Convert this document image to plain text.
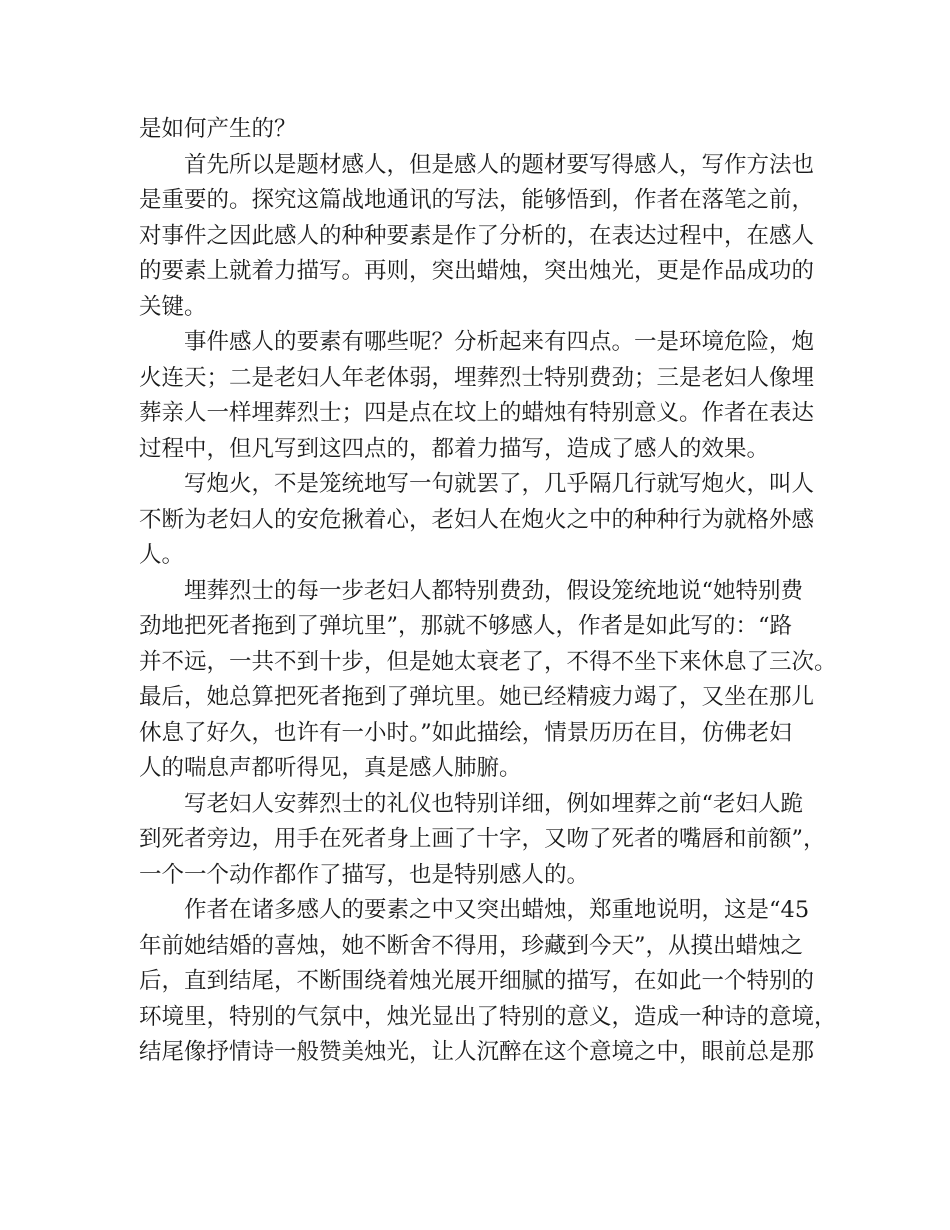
是如何产生的？
首先所以是题材感人，但是感人的题材要写得感人，写作方法也
是重要的。探究这篇战地通讯的写法，能够悟到，作者在落笔之前，
对事件之因此感人的种种要素是作了分析的，在表达过程中，在感人
的要素上就着力描写。再则，突出蜡烛，突出烛光，更是作品成功的
关键。
事件感人的要素有哪些呢？分析起来有四点。一是环境危险，炮
火连天；二是老妇人年老体弱，埋葬烈士特别费劲；三是老妇人像埋
葬亲人一样埋葬烈士；四是点在坟上的蜡烛有特别意义。作者在表达
过程中，但凡写到这四点的，都着力描写，造成了感人的效果。
写炮火，不是笼统地写一句就罢了，几乎隔几行就写炮火，叫人
不断为老妇人的安危揪着心，老妇人在炮火之中的种种行为就格外感
人。
埋葬烈士的每一步老妇人都特别费劲，假设笼统地说“她特别费
劲地把死者拖到了弹坑里”，那就不够感人，作者是如此写的：“路
并不远，一共不到十步，但是她太衰老了，不得不坐下来休息了三次。
最后，她总算把死者拖到了弹坑里。她已经精疲力竭了，又坐在那儿
休息了好久，也许有一小时。”如此描绘，情景历历在目，仿佛老妇
人的喘息声都听得见，真是感人肺腑。
写老妇人安葬烈士的礼仪也特别详细，例如埋葬之前“老妇人跪
到死者旁边，用手在死者身上画了十字，又吻了死者的嘴唇和前额”，
一个一个动作都作了描写，也是特别感人的。
作者在诸多感人的要素之中又突出蜡烛，郑重地说明，这是“45
年前她结婚的喜烛，她不断舍不得用，珍藏到今天”，从摸出蜡烛之
后，直到结尾，不断围绕着烛光展开细腻的描写，在如此一个特别的
环境里，特别的气氛中，烛光显出了特别的意义，造成一种诗的意境，
结尾像抒情诗一般赞美烛光，让人沉醉在这个意境之中，眼前总是那
